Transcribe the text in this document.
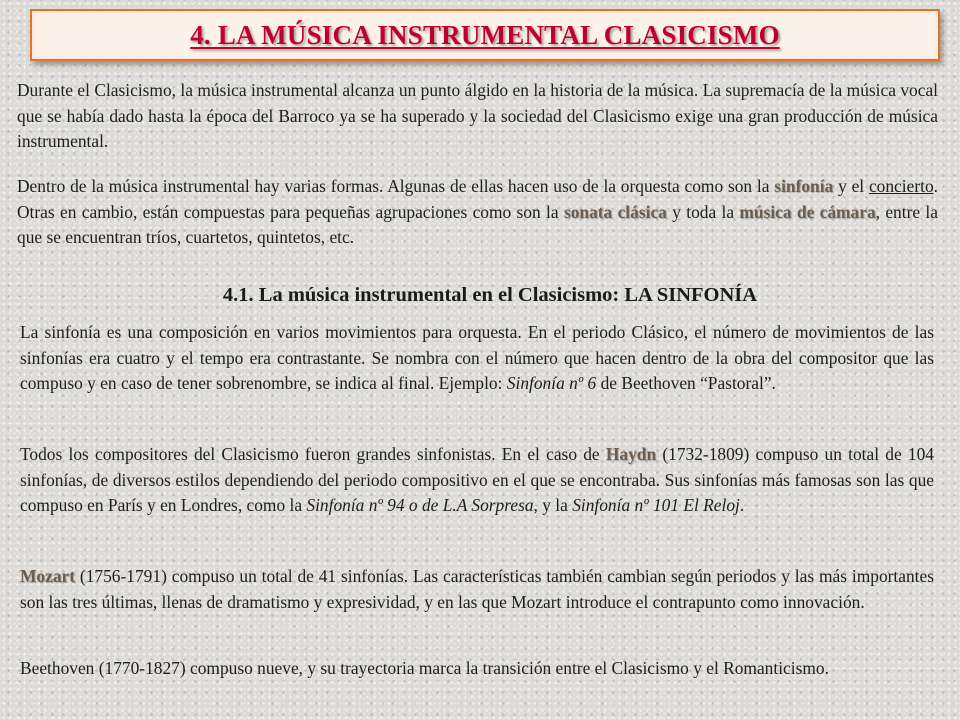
4. LA MÚSICA INSTRUMENTAL CLASICISMO

Durante el Clasicismo, la música instrumental alcanza un punto álgido en la historia de la música. La supremacía de la música vocal que se había dado hasta la época del Barroco ya se ha superado y la sociedad del Clasicismo exige una gran producción de música instrumental.

Dentro de la música instrumental hay varias formas. Algunas de ellas hacen uso de la orquesta como son la sinfonía y el concierto. Otras en cambio, están compuestas para pequeñas agrupaciones como son la sonata clásica y toda la música de cámara, entre la que se encuentran tríos, cuartetos, quintetos, etc.

4.1. La música instrumental en el Clasicismo: LA SINFONÍA

La sinfonía es una composición en varios movimientos para orquesta. En el periodo Clásico, el número de movimientos de las sinfonías era cuatro y el tempo era contrastante. Se nombra con el número que hacen dentro de la obra del compositor que las compuso y en caso de tener sobrenombre, se indica al final. Ejemplo: Sinfonía nº 6 de Beethoven “Pastoral”.

Todos los compositores del Clasicismo fueron grandes sinfonistas. En el caso de Haydn (1732-1809) compuso un total de 104 sinfonías, de diversos estilos dependiendo del periodo compositivo en el que se encontraba. Sus sinfonías más famosas son las que compuso en París y en Londres, como la Sinfonía nº 94 o de L.A Sorpresa, y la Sinfonía nº 101 El Reloj.

Mozart (1756-1791) compuso un total de 41 sinfonías. Las características también cambian según periodos y las más importantes son las tres últimas, llenas de dramatismo y expresividad, y en las que Mozart introduce el contrapunto como innovación.

Beethoven (1770-1827) compuso nueve, y su trayectoria marca la transición entre el Clasicismo y el Romanticismo.
